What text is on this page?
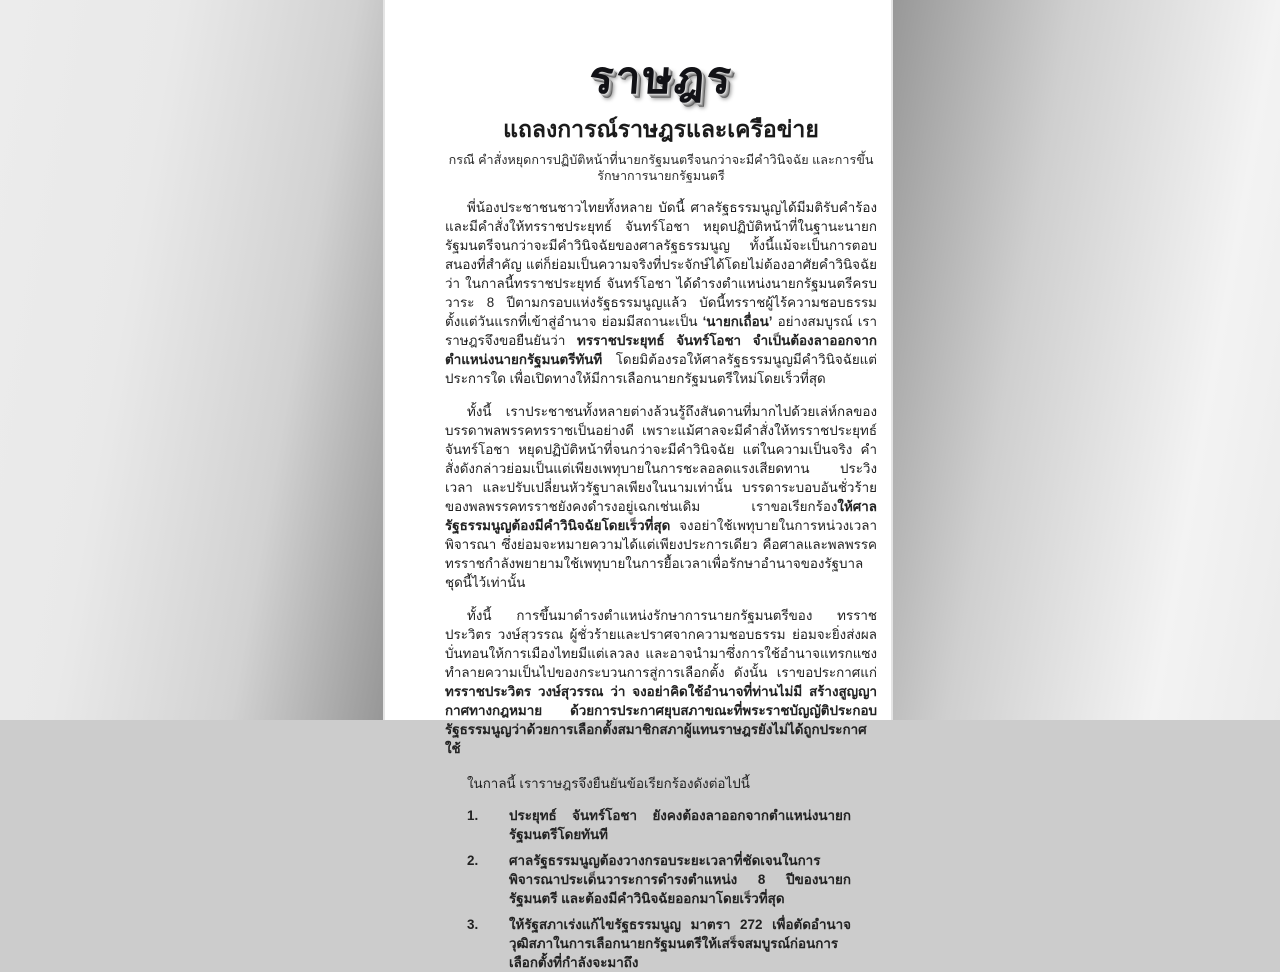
ราษฎร
แถลงการณ์ราษฎรและเครือข่าย

กรณี คำสั่งหยุดการปฏิบัติหน้าที่นายกรัฐมนตรีจนกว่าจะมีคำวินิจฉัย และการขึ้นรักษาการนายกรัฐมนตรี

พี่น้องประชาชนชาวไทยทั้งหลาย บัดนี้ ศาลรัฐธรรมนูญได้มีมติรับคำร้อง และมีคำสั่งให้ทรราชประยุทธ์ จันทร์โอชา หยุดปฏิบัติหน้าที่ในฐานะนายกรัฐมนตรีจนกว่าจะมีคำวินิจฉัยของศาลรัฐธรรมนูญ ทั้งนี้แม้จะเป็นการตอบสนองที่สำคัญ แต่ก็ย่อมเป็นความจริงที่ประจักษ์ได้โดยไม่ต้องอาศัยคำวินิจฉัยว่า ในกาลนี้ทรราชประยุทธ์ จันทร์โอชา ได้ดำรงตำแหน่งนายกรัฐมนตรีครบวาระ 8 ปีตามกรอบแห่งรัฐธรรมนูญแล้ว บัดนี้ทรราชผู้ไร้ความชอบธรรมตั้งแต่วันแรกที่เข้าสู่อำนาจ ย่อมมีสถานะเป็น ‘นายกเถื่อน’ อย่างสมบูรณ์ เราราษฎรจึงขอยืนยันว่า ทรราชประยุทธ์ จันทร์โอชา จำเป็นต้องลาออกจากตำแหน่งนายกรัฐมนตรีทันที โดยมิต้องรอให้ศาลรัฐธรรมนูญมีคำวินิจฉัยแต่ประการใด เพื่อเปิดทางให้มีการเลือกนายกรัฐมนตรีใหม่โดยเร็วที่สุด

ทั้งนี้ เราประชาชนทั้งหลายต่างล้วนรู้ถึงสันดานที่มากไปด้วยเล่ห์กลของบรรดาพลพรรคทรราชเป็นอย่างดี เพราะแม้ศาลจะมีคำสั่งให้ทรราชประยุทธ์ จันทร์โอชา หยุดปฏิบัติหน้าที่จนกว่าจะมีคำวินิจฉัย แต่ในความเป็นจริง คำสั่งดังกล่าวย่อมเป็นแต่เพียงเพทุบายในการชะลอลดแรงเสียดทาน ประวิงเวลา และปรับเปลี่ยนหัวรัฐบาลเพียงในนามเท่านั้น บรรดาระบอบอันชั่วร้ายของพลพรรคทรราชยังคงดำรงอยู่เฉกเช่นเดิม เราขอเรียกร้องให้ศาลรัฐธรรมนูญต้องมีคำวินิจฉัยโดยเร็วที่สุด จงอย่าใช้เพทุบายในการหน่วงเวลาพิจารณา ซึ่งย่อมจะหมายความได้แต่เพียงประการเดียว คือศาลและพลพรรคทรราชกำลังพยายามใช้เพทุบายในการยื้อเวลาเพื่อรักษาอำนาจของรัฐบาลชุดนี้ไว้เท่านั้น

ทั้งนี้ การขึ้นมาดำรงตำแหน่งรักษาการนายกรัฐมนตรีของ ทรราชประวิตร วงษ์สุวรรณ ผู้ชั่วร้ายและปราศจากความชอบธรรม ย่อมจะยิ่งส่งผลบั่นทอนให้การเมืองไทยมีแต่เลวลง และอาจนำมาซึ่งการใช้อำนาจแทรกแซงทำลายความเป็นไปของกระบวนการสู่การเลือกตั้ง ดังนั้น เราขอประกาศแก่ ทรราชประวิตร วงษ์สุวรรณ ว่า จงอย่าคิดใช้อำนาจที่ท่านไม่มี สร้างสูญญากาศทางกฎหมาย ด้วยการประกาศยุบสภาขณะที่พระราชบัญญัติประกอบรัฐธรรมนูญว่าด้วยการเลือกตั้งสมาชิกสภาผู้แทนราษฎรยังไม่ได้ถูกประกาศใช้

ในกาลนี้ เราราษฎรจึงยืนยันข้อเรียกร้องดังต่อไปนี้

1.	ประยุทธ์ จันทร์โอชา ยังคงต้องลาออกจากตำแหน่งนายกรัฐมนตรีโดยทันที
2.	ศาลรัฐธรรมนูญต้องวางกรอบระยะเวลาที่ชัดเจนในการพิจารณาประเด็นวาระการดำรงตำแหน่ง 8 ปีของนายกรัฐมนตรี และต้องมีคำวินิจฉัยออกมาโดยเร็วที่สุด
3.	ให้รัฐสภาเร่งแก้ไขรัฐธรรมนูญ มาตรา 272 เพื่อตัดอำนาจวุฒิสภาในการเลือกนายกรัฐมนตรีให้เสร็จสมบูรณ์ก่อนการเลือกตั้งที่กำลังจะมาถึง
